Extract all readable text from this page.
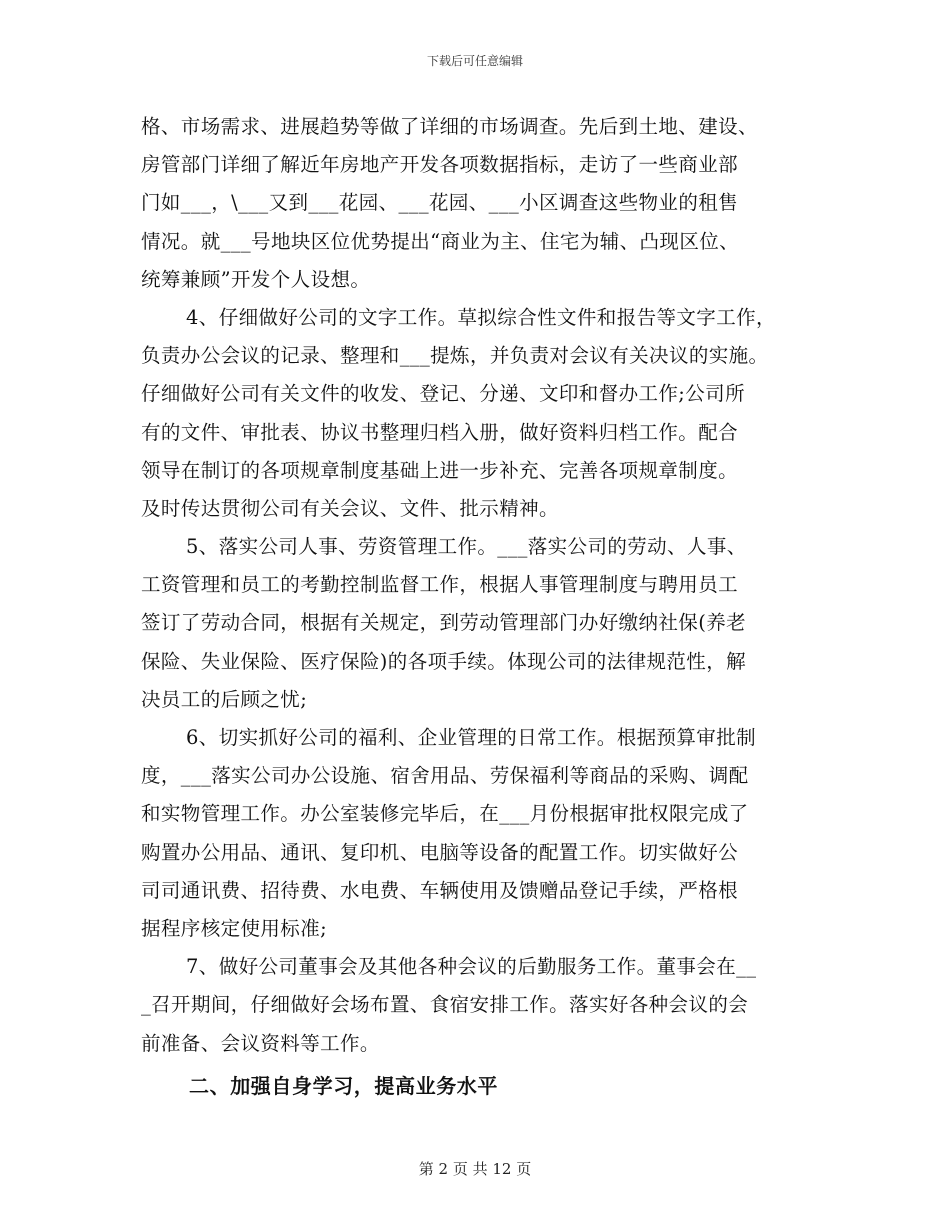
下载后可任意编辑
格、市场需求、进展趋势等做了详细的市场调查。先后到土地、建设、
房管部门详细了解近年房地产开发各项数据指标，走访了一些商业部
门如___，\___又到___花园、___花园、___小区调查这些物业的租售
情况。就___号地块区位优势提出“商业为主、住宅为辅、凸现区位、
统筹兼顾”开发个人设想。
4、仔细做好公司的文字工作。草拟综合性文件和报告等文字工作，
负责办公会议的记录、整理和___提炼，并负责对会议有关决议的实施。
仔细做好公司有关文件的收发、登记、分递、文印和督办工作;公司所
有的文件、审批表、协议书整理归档入册，做好资料归档工作。配合
领导在制订的各项规章制度基础上进一步补充、完善各项规章制度。
及时传达贯彻公司有关会议、文件、批示精神。
5、落实公司人事、劳资管理工作。___落实公司的劳动、人事、
工资管理和员工的考勤控制监督工作，根据人事管理制度与聘用员工
签订了劳动合同，根据有关规定，到劳动管理部门办好缴纳社保(养老
保险、失业保险、医疗保险)的各项手续。体现公司的法律规范性，解
决员工的后顾之忧;
6、切实抓好公司的福利、企业管理的日常工作。根据预算审批制
度，___落实公司办公设施、宿舍用品、劳保福利等商品的采购、调配
和实物管理工作。办公室装修完毕后，在___月份根据审批权限完成了
购置办公用品、通讯、复印机、电脑等设备的配置工作。切实做好公
司司通讯费、招待费、水电费、车辆使用及馈赠品登记手续，严格根
据程序核定使用标准;
7、做好公司董事会及其他各种会议的后勤服务工作。董事会在__
_召开期间，仔细做好会场布置、食宿安排工作。落实好各种会议的会
前准备、会议资料等工作。
二、加强自身学习，提高业务水平
第 2 页 共 12 页
